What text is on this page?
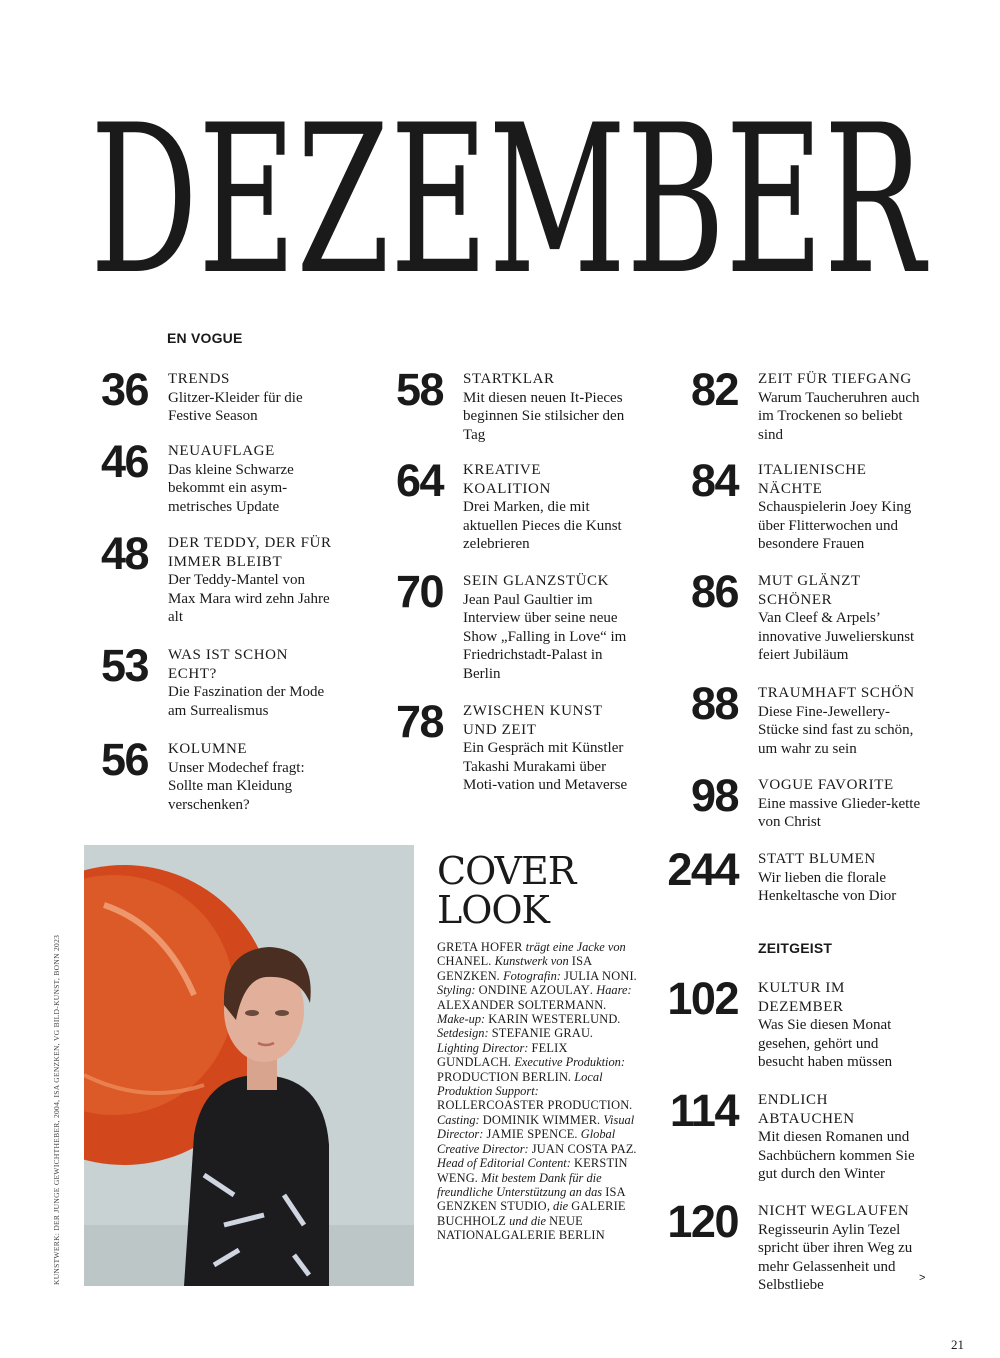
DEZEMBER
EN VOGUE
ZEITGEIST
36 TRENDS
Glitzer-Kleider für die Festive Season
46 NEUAUFLAGE
Das kleine Schwarze bekommt ein asym-metrisches Update
48 DER TEDDY, DER FÜR IMMER BLEIBT
Der Teddy-Mantel von Max Mara wird zehn Jahre alt
53 WAS IST SCHON ECHT?
Die Faszination der Mode am Surrealismus
56 KOLUMNE
Unser Modechef fragt: Sollte man Kleidung verschenken?
58 STARTKLAR
Mit diesen neuen It-Pieces beginnen Sie stilsicher den Tag
64 KREATIVE KOALITION
Drei Marken, die mit aktuellen Pieces die Kunst zelebrieren
70 SEIN GLANZSTÜCK
Jean Paul Gaultier im Interview über seine neue Show „Falling in Love“ im Friedrichstadt-Palast in Berlin
78 ZWISCHEN KUNST UND ZEIT
Ein Gespräch mit Künstler Takashi Murakami über Moti-vation und Metaverse
82 ZEIT FÜR TIEFGANG
Warum Taucheruhren auch im Trockenen so beliebt sind
84 ITALIENISCHE NÄCHTE
Schauspielerin Joey King über Flitterwochen und besondere Frauen
86 MUT GLÄNZT SCHÖNER
Van Cleef & Arpels’ innovative Juwelierskunst feiert Jubiläum
88 TRAUMHAFT SCHÖN
Diese Fine-Jewellery-Stücke sind fast zu schön, um wahr zu sein
98 VOGUE FAVORITE
Eine massive Glieder-kette von Christ
244 STATT BLUMEN
Wir lieben die florale Henkeltasche von Dior
102 KULTUR IM DEZEMBER
Was Sie diesen Monat gesehen, gehört und besucht haben müssen
114 ENDLICH ABTAUCHEN
Mit diesen Romanen und Sachbüchern kommen Sie gut durch den Winter
120 NICHT WEGLAUFEN
Regisseurin Aylin Tezel spricht über ihren Weg zu mehr Gelassenheit und Selbstliebe
COVER
LOOK
GRETA HOFER trägt eine Jacke von CHANEL. Kunstwerk von ISA GENZKEN. Fotografin: JULIA NONI. Styling: ONDINE AZOULAY. Haare: ALEXANDER SOLTERMANN. Make-up: KARIN WESTERLUND. Setdesign: STEFANIE GRAU. Lighting Director: FELIX GUNDLACH. Executive Produktion: PRODUCTION BERLIN. Local Produktion Support: ROLLERCOASTER PRODUCTION. Casting: DOMINIK WIMMER. Visual Director: JAMIE SPENCE. Global Creative Director: JUAN COSTA PAZ. Head of Editorial Content: KERSTIN WENG. Mit bestem Dank für die freundliche Unterstützung an das ISA GENZKEN STUDIO, die GALERIE BUCHHOLZ und die NEUE NATIONALGALERIE BERLIN
KUNSTWERK: DER JUNGE GEWICHTHEBER, 2004, ISA GENZKEN, VG BILD-KUNST, BONN 2023	>
21
